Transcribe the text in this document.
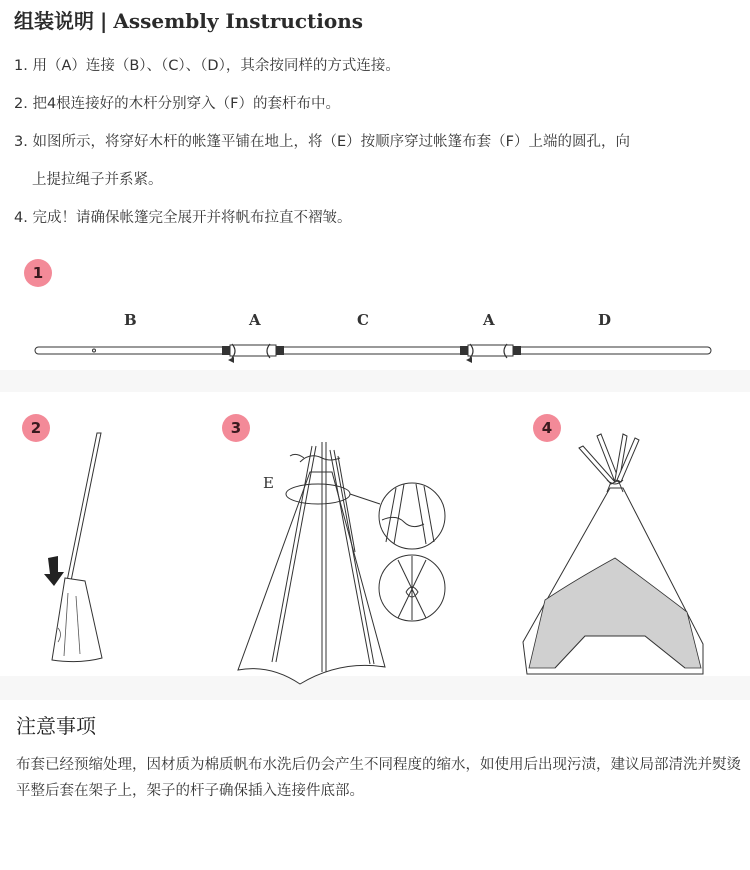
组装说明 | Assembly Instructions

1. 用（A）连接（B）、（C）、（D），其余按同样的方式连接。

2. 把4根连接好的木杆分别穿入（F）的套杆布中。

3. 如图所示，将穿好木杆的帐篷平铺在地上，将（E）按顺序穿过帐篷布套（F）上端的圆孔，向

上提拉绳子并系紧。

4. 完成！请确保帐篷完全展开并将帆布拉直不褶皱。

1
B	A	C	A	D
2	3	4
E
注意事项
布套已经预缩处理，因材质为棉质帆布水洗后仍会产生不同程度的缩水，如使用后出现污渍，建议局部清洗并熨烫平整后套在架子上，架子的杆子确保插入连接件底部。
